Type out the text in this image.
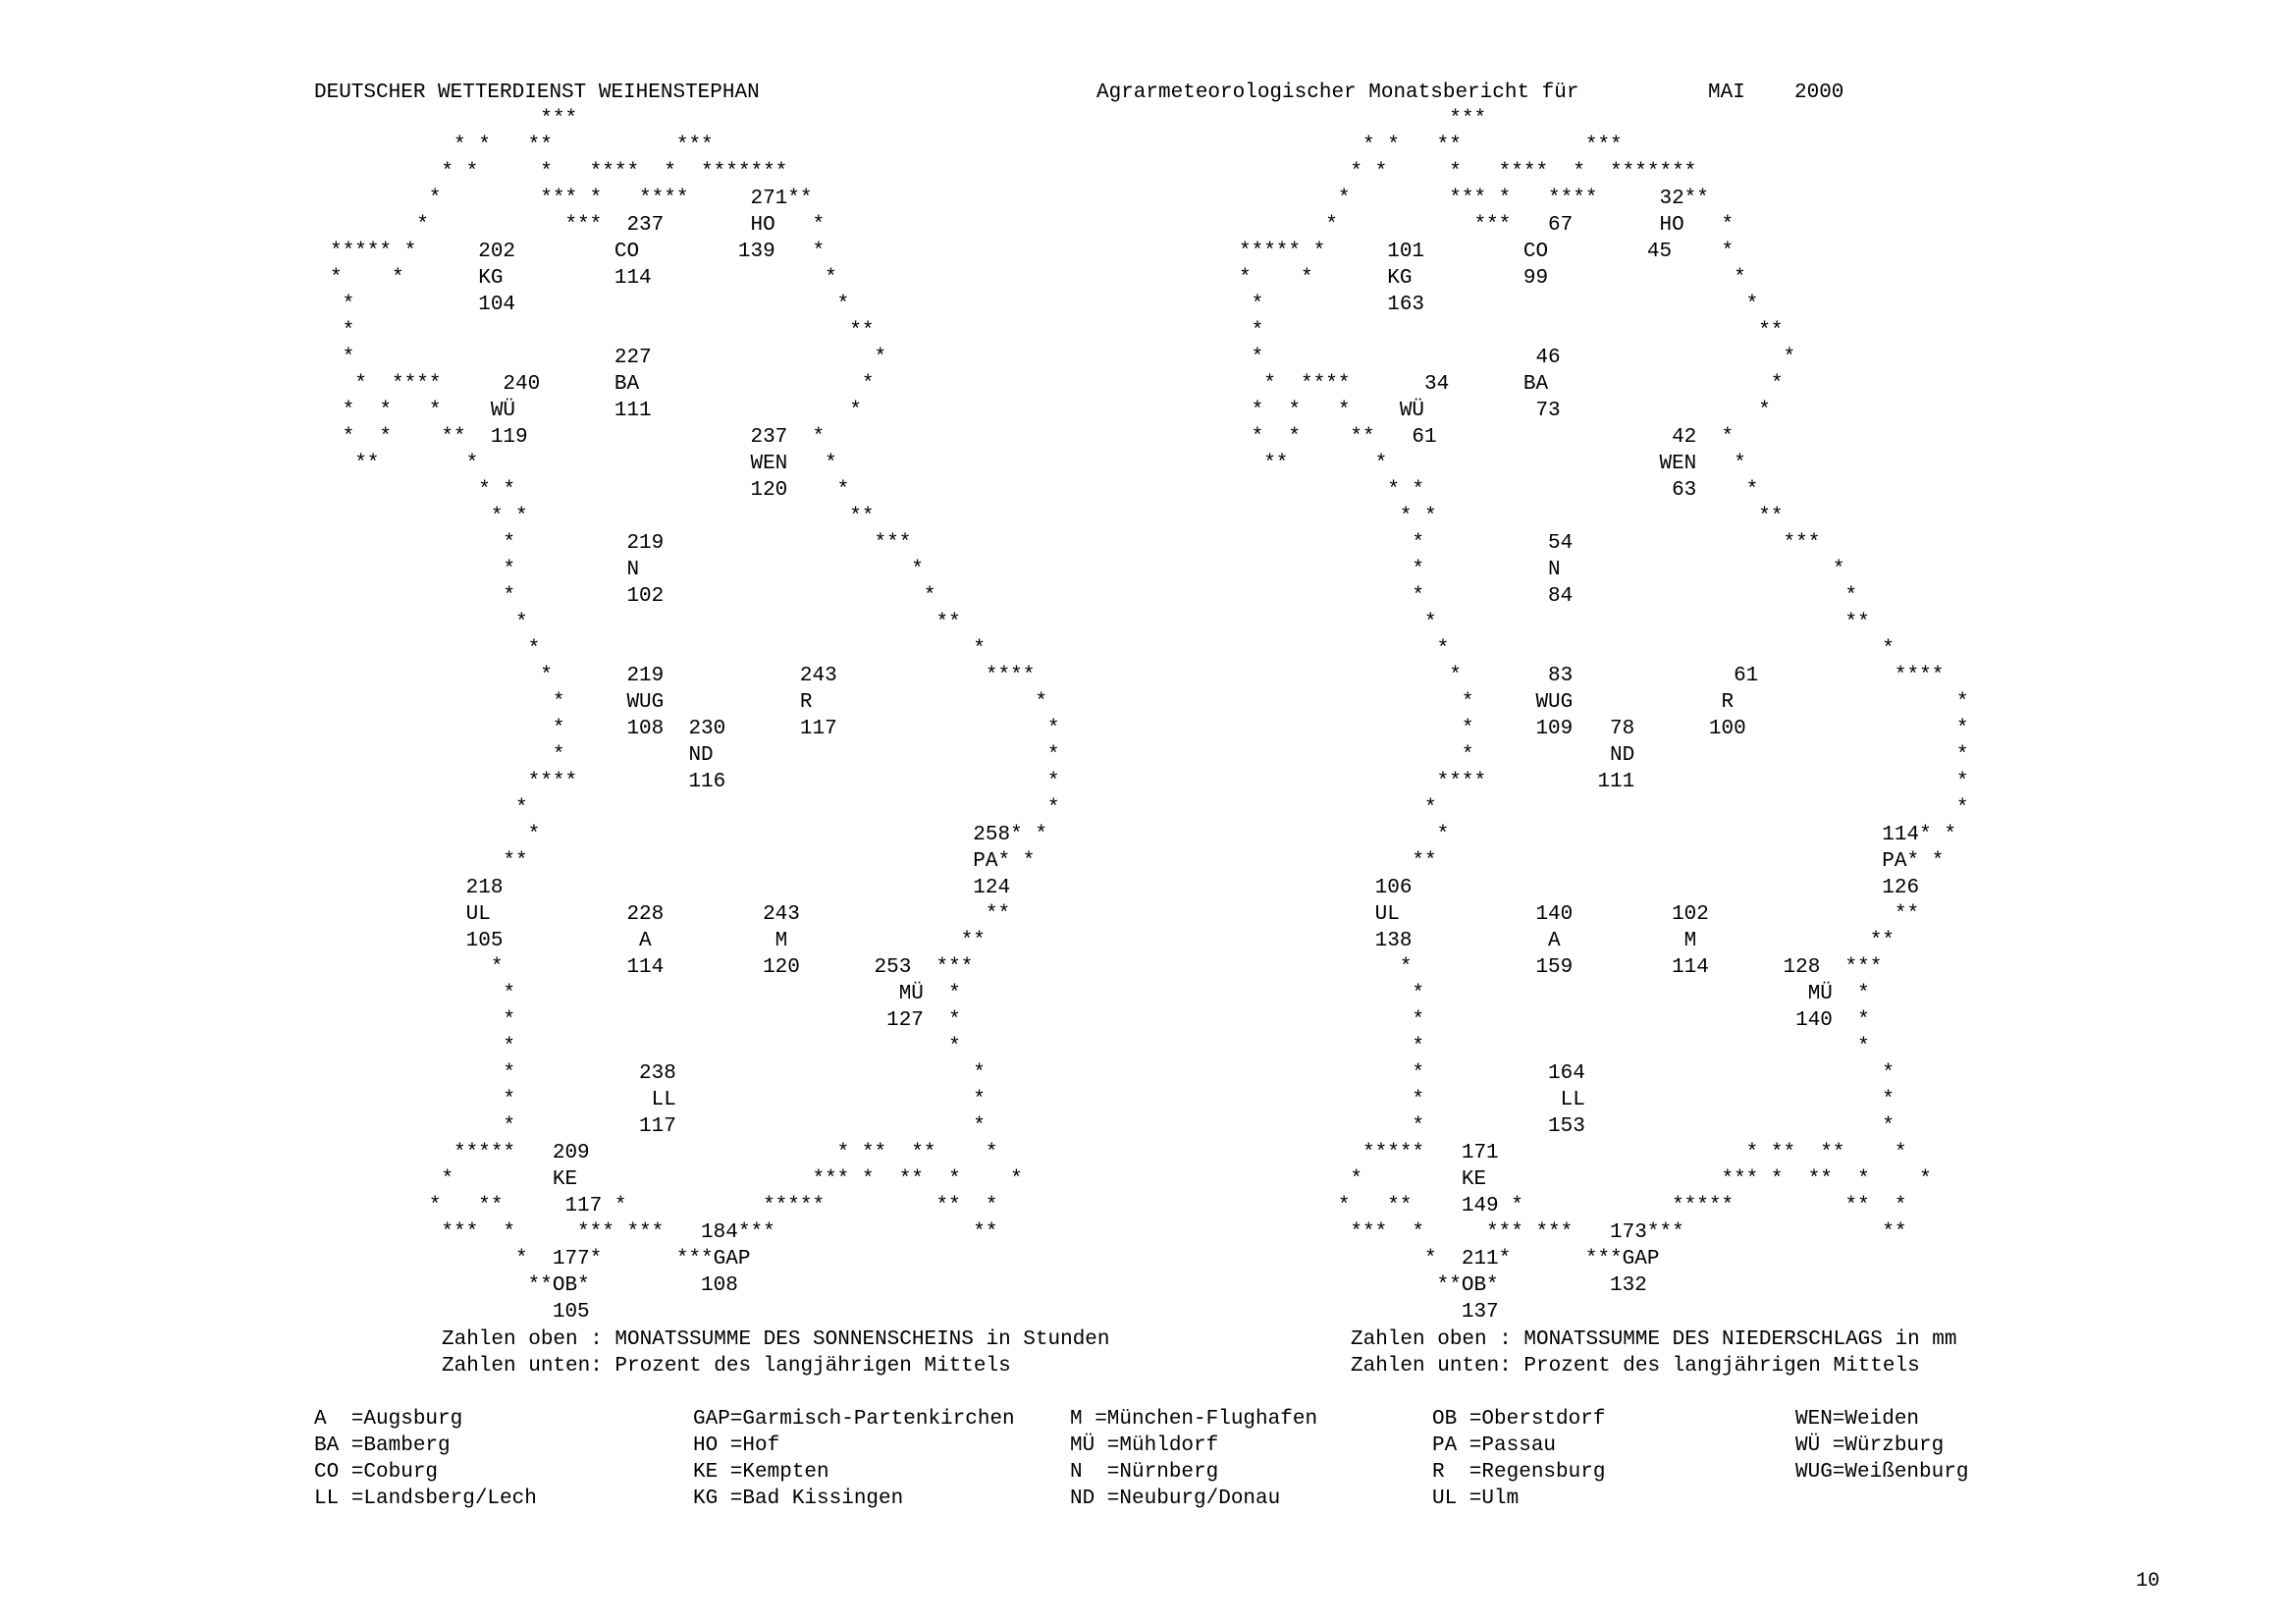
DEUTSCHER WETTERDIENST WEIHENSTEPHAN	Agrarmeteorologischer Monatsbericht für	MAI 2000
***
* *   **          ***
* *     *   ****  *  *******
*        *** *   ****     271**
*           ***  237       HO   *
***** *     202        CO        139   *
*    *      KG         114              *
*          104                          *
*                                        **
*                     227                  *
*  ****     240      BA                  *
*  *   *    WÜ        111                *
*  *    **  119                  237  *
**       *                      WEN   *
* *                   120    *
* *                          **
*         219                 ***
*         N                      *
*         102                     *
*                                 **
*                                   *
*      219           243            ****
*     WUG           R                  *
*     108  230      117                 *
*          ND                           *
****         116                          *
*                                          *
*                                   258* *
**                                    PA* *
218                                      124
UL           228        243               **
105           A          M              **
*          114        120      253  ***
*                               MÜ  *
*                              127  *
*                                   *
*          238                        *
*           LL                        *
*          117                        *
*****   209                    * **  **    *
*        KE                   *** *  **  *    *
*   **     117 *           *****         **  *
***  *     *** ***   184***                **
*  177*      ***GAP
**OB*         108
105
***
* *   **          ***
* *     *   ****  *  *******
*        *** *   ****     32**
*           ***   67       HO   *
***** *     101        CO        45    *
*    *      KG         99               *
*          163                          *
*                                        **
*                      46                  *
*  ****      34      BA                  *
*  *   *    WÜ         73                *
*  *    **   61                   42  *
**       *                      WEN   *
* *                    63    *
* *                          **
*          54                 ***
*          N                      *
*          84                      *
*                                 **
*                                   *
*       83             61           ****
*     WUG            R                  *
*     109   78      100                 *
*           ND                          *
****         111                          *
*                                          *
*                                   114* *
**                                    PA* *
106                                      126
UL           140        102               **
138           A          M              **
*          159        114      128  ***
*                               MÜ  *
*                              140  *
*                                   *
*          164                        *
*           LL                        *
*          153                        *
*****   171                    * **  **    *
*        KE                   *** *  **  *    *
*   **    149 *            *****         **  *
***  *     *** ***   173***                **
*  211*      ***GAP
**OB*         132
137
Zahlen oben : MONATSSUMME DES SONNENSCHEINS in Stunden
Zahlen unten: Prozent des langjährigen Mittels
Zahlen oben : MONATSSUMME DES NIEDERSCHLAGS in mm
Zahlen unten: Prozent des langjährigen Mittels
A  =Augsburg	GAP=Garmisch-Partenkirchen	M =München-Flughafen	OB =Oberstdorf	WEN=Weiden
BA =Bamberg	HO =Hof	MÜ =Mühldorf	PA =Passau	WÜ =Würzburg
CO =Coburg	KE =Kempten	N  =Nürnberg	R  =Regensburg	WUG=Weißenburg
LL =Landsberg/Lech	KG =Bad Kissingen	ND =Neuburg/Donau	UL =Ulm
10
